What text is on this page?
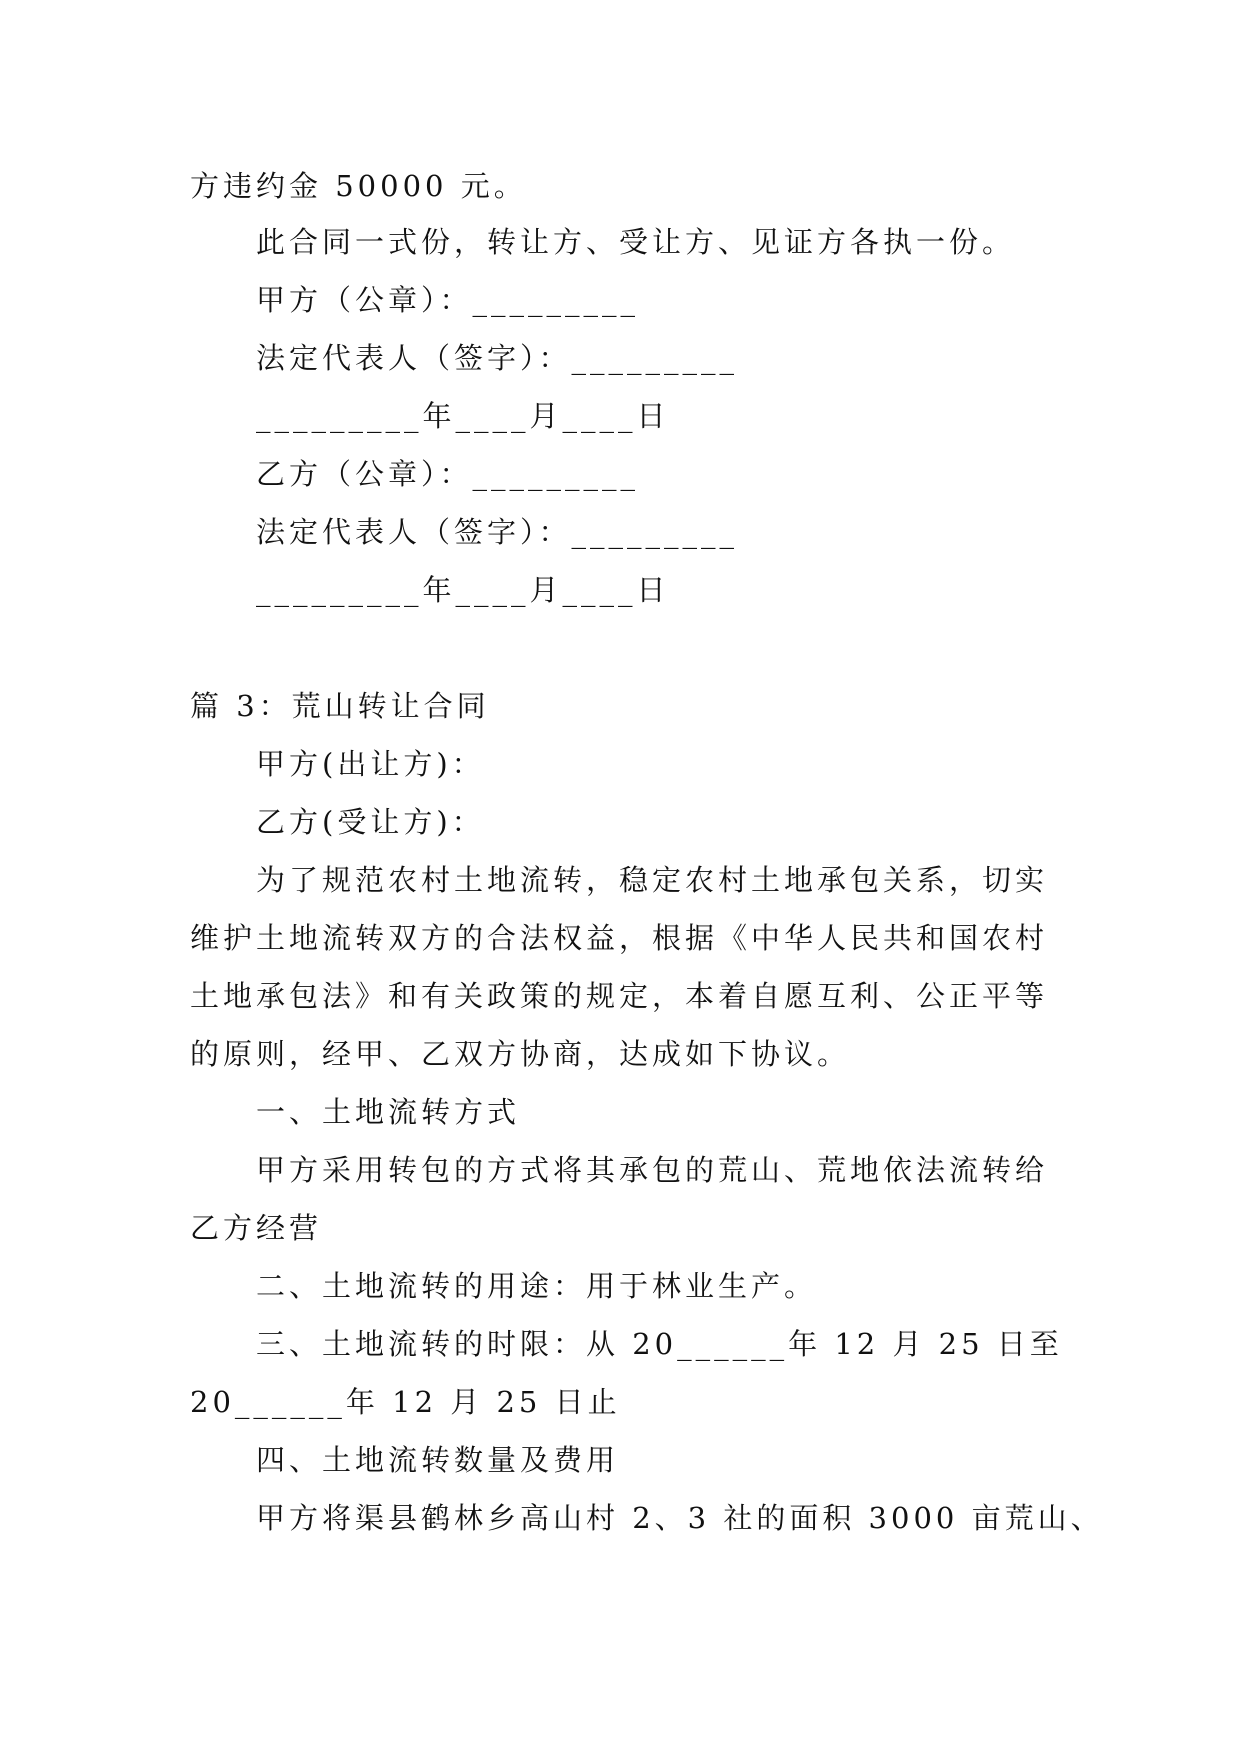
方违约金 50000 元。

此合同一式份，转让方、受让方、见证方各执一份。

甲方（公章）：_________

法定代表人（签字）：_________

_________年____月____日

乙方（公章）：_________

法定代表人（签字）：_________

_________年____月____日

篇 3：荒山转让合同

甲方(出让方)：

乙方(受让方)：

为了规范农村土地流转，稳定农村土地承包关系，切实

维护土地流转双方的合法权益，根据《中华人民共和国农村

土地承包法》和有关政策的规定，本着自愿互利、公正平等

的原则，经甲、乙双方协商，达成如下协议。

一、土地流转方式

甲方采用转包的方式将其承包的荒山、荒地依法流转给

乙方经营

二、土地流转的用途：用于林业生产。

三、土地流转的时限：从 20______年 12 月 25 日至

20______年 12 月 25 日止

四、土地流转数量及费用

甲方将渠县鹤林乡高山村 2、3 社的面积 3000 亩荒山、
